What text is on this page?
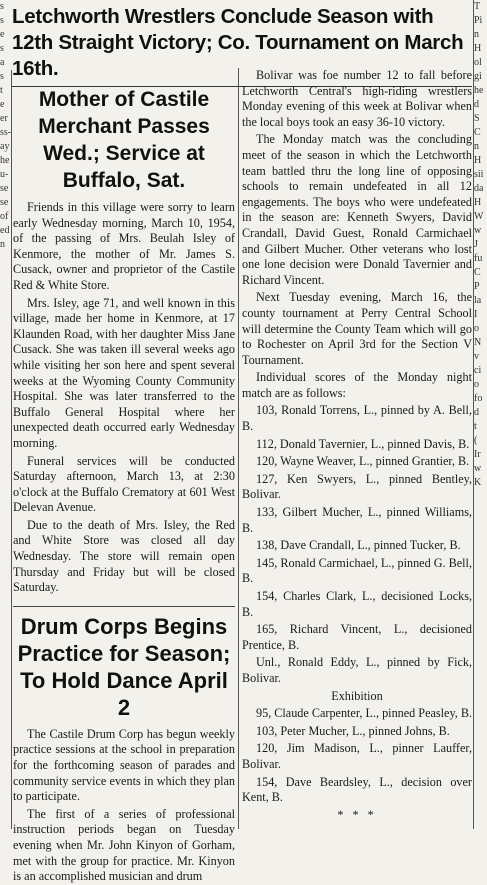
s
s
e
s
a
s
t
e
er
ss-
ay
he
u-
se
se
of
ed
n
T
Pi
n
H
ol
gi
he
d
S
C
n
H
sii
da
H
W
w
J
fu
C
P
la
I
o
N
v
ci
o
fo
d
t
(
Ir
w
K
Letchworth Wrestlers Conclude Season with 12th Straight Victory; Co. Tournament on March 16th.
Mother of Castile Merchant Passes Wed.; Service at Buffalo, Sat.

Friends in this village were sorry to learn early Wednesday morning, March 10, 1954, of the passing of Mrs. Beulah Isley of Kenmore, the mother of Mr. James S. Cusack, owner and proprietor of the Castile Red & White Store.

Mrs. Isley, age 71, and well known in this village, made her home in Kenmore, at 17 Klaunden Road, with her daughter Miss Jane Cusack. She was taken ill several weeks ago while visiting her son here and spent several weeks at the Wyoming County Community Hospital. She was later transferred to the Buffalo General Hospital where her unexpected death occurred early Wednesday morning.

Funeral services will be conducted Saturday afternoon, March 13, at 2:30 o'clock at the Buffalo Crematory at 601 West Delevan Avenue.

Due to the death of Mrs. Isley, the Red and White Store was closed all day Wednesday. The store will remain open Thursday and Friday but will be closed Saturday.

Drum Corps Begins Practice for Season; To Hold Dance April 2

The Castile Drum Corp has begun weekly practice sessions at the school in preparation for the forthcoming season of parades and community service events in which they plan to participate.

The first of a series of professional instruction periods began on Tuesday evening when Mr. John Kinyon of Gorham, met with the group for practice. Mr. Kinyon is an accomplished musician and drum

Bolivar was foe number 12 to fall before Letchworth Central's high-riding wrestlers Monday evening of this week at Bolivar when the local boys took an easy 36-10 victory.

The Monday match was the concluding meet of the season in which the Letchworth team battled thru the long line of opposing schools to remain undefeated in all 12 engagements. The boys who were undefeated in the season are: Kenneth Swyers, David Crandall, David Guest, Ronald Carmichael and Gilbert Mucher. Other veterans who lost one lone decision were Donald Tavernier and Richard Vincent.

Next Tuesday evening, March 16, the county tournament at Perry Central School will determine the County Team which will go to Rochester on April 3rd for the Section V Tournament.

Individual scores of the Monday night match are as follows:

103, Ronald Torrens, L., pinned by A. Bell, B.

112, Donald Tavernier, L., pinned Davis, B.

120, Wayne Weaver, L., pinned Grantier, B.

127, Ken Swyers, L., pinned Bentley, Bolivar.

133, Gilbert Mucher, L., pinned Williams, B.

138, Dave Crandall, L., pinned Tucker, B.

145, Ronald Carmichael, L., pinned G. Bell, B.

154, Charles Clark, L., decisioned Locks, B.

165, Richard Vincent, L., decisioned Prentice, B.

Unl., Ronald Eddy, L., pinned by Fick, Bolivar.

Exhibition

95, Claude Carpenter, L., pinned Peasley, B.

103, Peter Mucher, L., pinned Johns, B.

120, Jim Madison, L., pinner Lauffer, Bolivar.

154, Dave Beardsley, L., decision over Kent, B.

* * *
